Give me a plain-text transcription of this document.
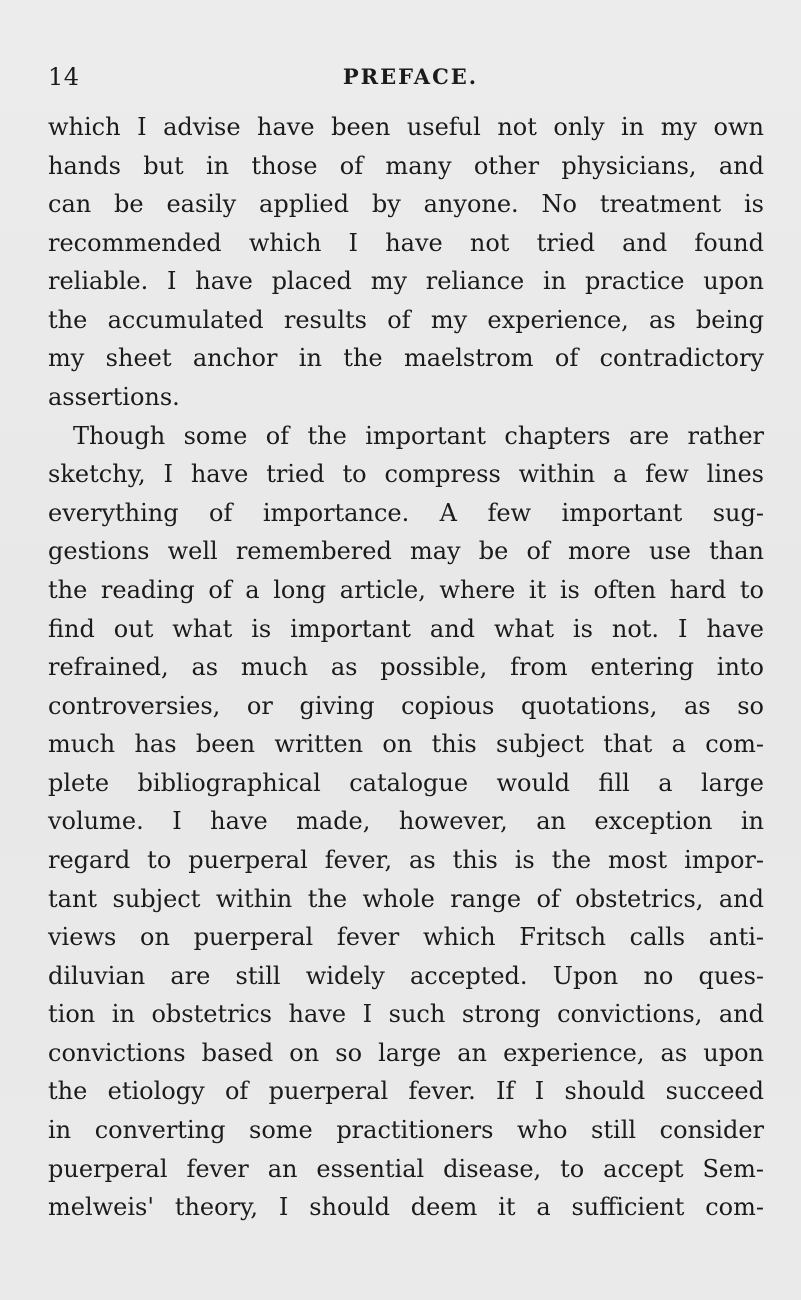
14	PREFACE.
which I advise have been useful not only in my own
hands but in those of many other physicians, and
can be easily applied by anyone. No treatment is
recommended which I have not tried and found
reliable. I have placed my reliance in practice upon
the accumulated results of my experience, as being
my sheet anchor in the maelstrom of contradictory
assertions.
Though some of the important chapters are rather
sketchy, I have tried to compress within a few lines
everything of importance. A few important sug-
gestions well remembered may be of more use than
the reading of a long article, where it is often hard to
find out what is important and what is not. I have
refrained, as much as possible, from entering into
controversies, or giving copious quotations, as so
much has been written on this subject that a com-
plete bibliographical catalogue would fill a large
volume. I have made, however, an exception in
regard to puerperal fever, as this is the most impor-
tant subject within the whole range of obstetrics, and
views on puerperal fever which Fritsch calls anti-
diluvian are still widely accepted. Upon no ques-
tion in obstetrics have I such strong convictions, and
convictions based on so large an experience, as upon
the etiology of puerperal fever. If I should succeed
in converting some practitioners who still consider
puerperal fever an essential disease, to accept Sem-
melweis' theory, I should deem it a sufficient com-
